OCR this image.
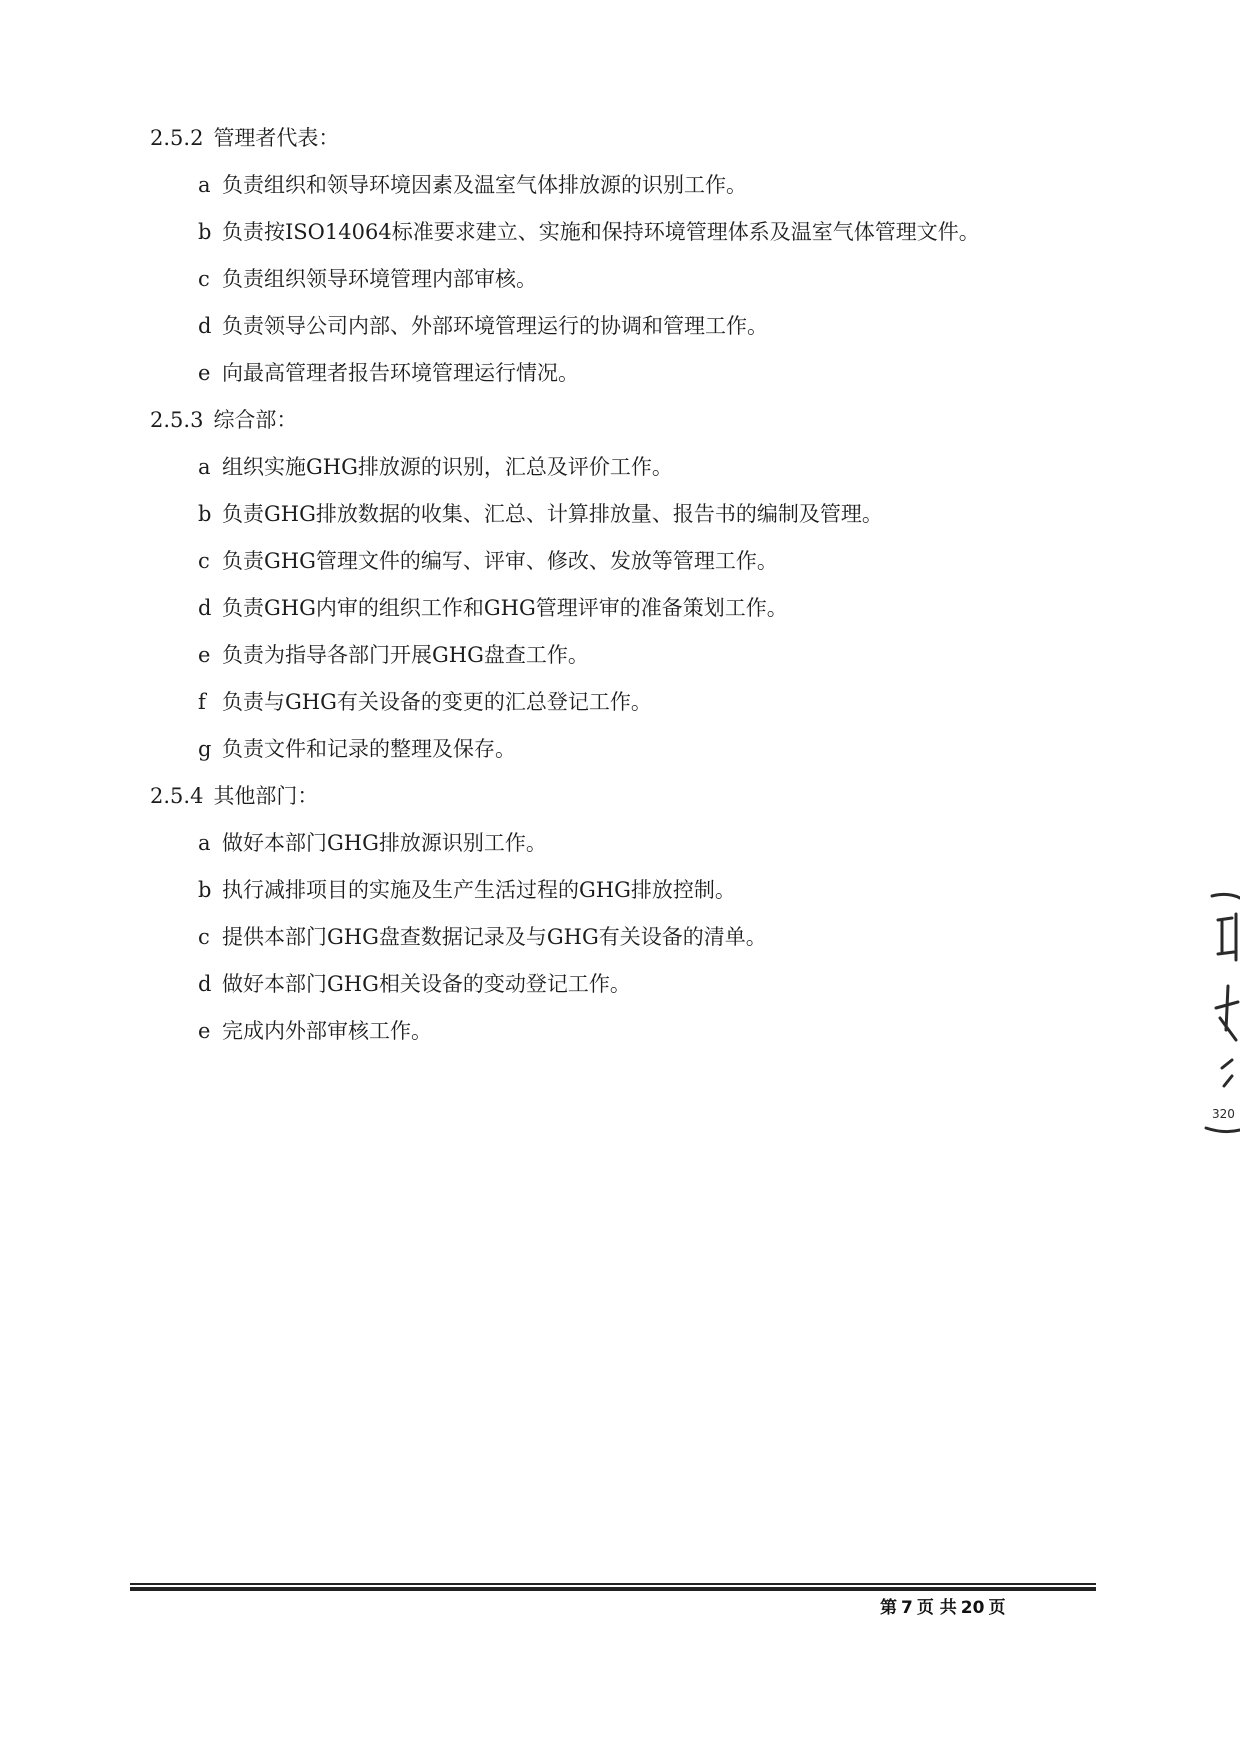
2.5.2 管理者代表：
a 负责组织和领导环境因素及温室气体排放源的识别工作。
b 负责按ISO14064标准要求建立、实施和保持环境管理体系及温室气体管理文件。
c 负责组织领导环境管理内部审核。
d 负责领导公司内部、外部环境管理运行的协调和管理工作。
e 向最高管理者报告环境管理运行情况。
2.5.3 综合部：
a 组织实施GHG排放源的识别，汇总及评价工作。
b 负责GHG排放数据的收集、汇总、计算排放量、报告书的编制及管理。
c 负责GHG管理文件的编写、评审、修改、发放等管理工作。
d 负责GHG内审的组织工作和GHG管理评审的准备策划工作。
e 负责为指导各部门开展GHG盘查工作。
f 负责与GHG有关设备的变更的汇总登记工作。
g 负责文件和记录的整理及保存。
2.5.4 其他部门：
a 做好本部门GHG排放源识别工作。
b 执行减排项目的实施及生产生活过程的GHG排放控制。
c 提供本部门GHG盘查数据记录及与GHG有关设备的清单。
d 做好本部门GHG相关设备的变动登记工作。
e 完成内外部审核工作。
320
第 7 页 共 20 页
